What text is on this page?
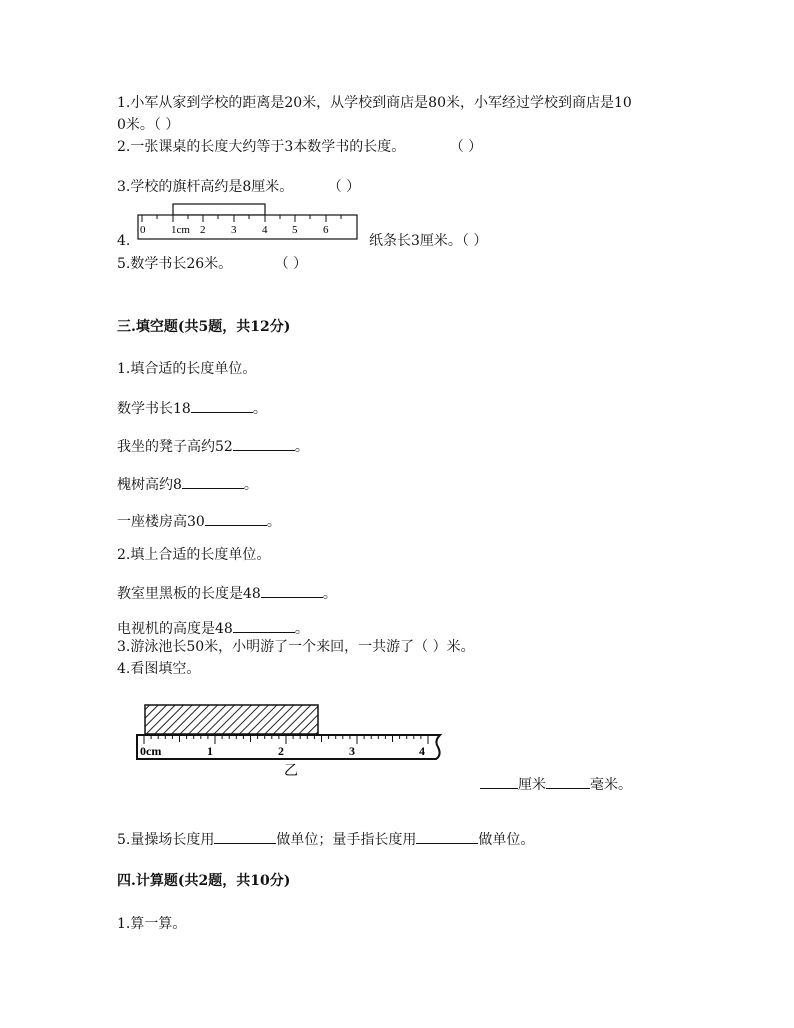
1.小军从家到学校的距离是20米，从学校到商店是80米，小军经过学校到商店是10
0米。（ ）
2.一张课桌的长度大约等于3本数学书的长度。	（ ）
3.学校的旗杆高约是8厘米。 （ ）
4.
0 1cm 2 3 4 5 6
纸条长3厘米。（ ）
5.数学书长26米。	（ ）
三.填空题(共5题，共12分)
1.填合适的长度单位。
数学书长18	。
我坐的凳子高约52	。
槐树高约8	。
一座楼房高30	。
2.填上合适的长度单位。
教室里黑板的长度是48	。
电视机的高度是48	。
3.游泳池长50米，小明游了一个来回，一共游了（ ）米。
4.看图填空。
0cm	1	2	3	4
乙
厘米	毫米。
5.量操场长度用	做单位；量手指长度用	做单位。
四.计算题(共2题，共10分)
1.算一算。
